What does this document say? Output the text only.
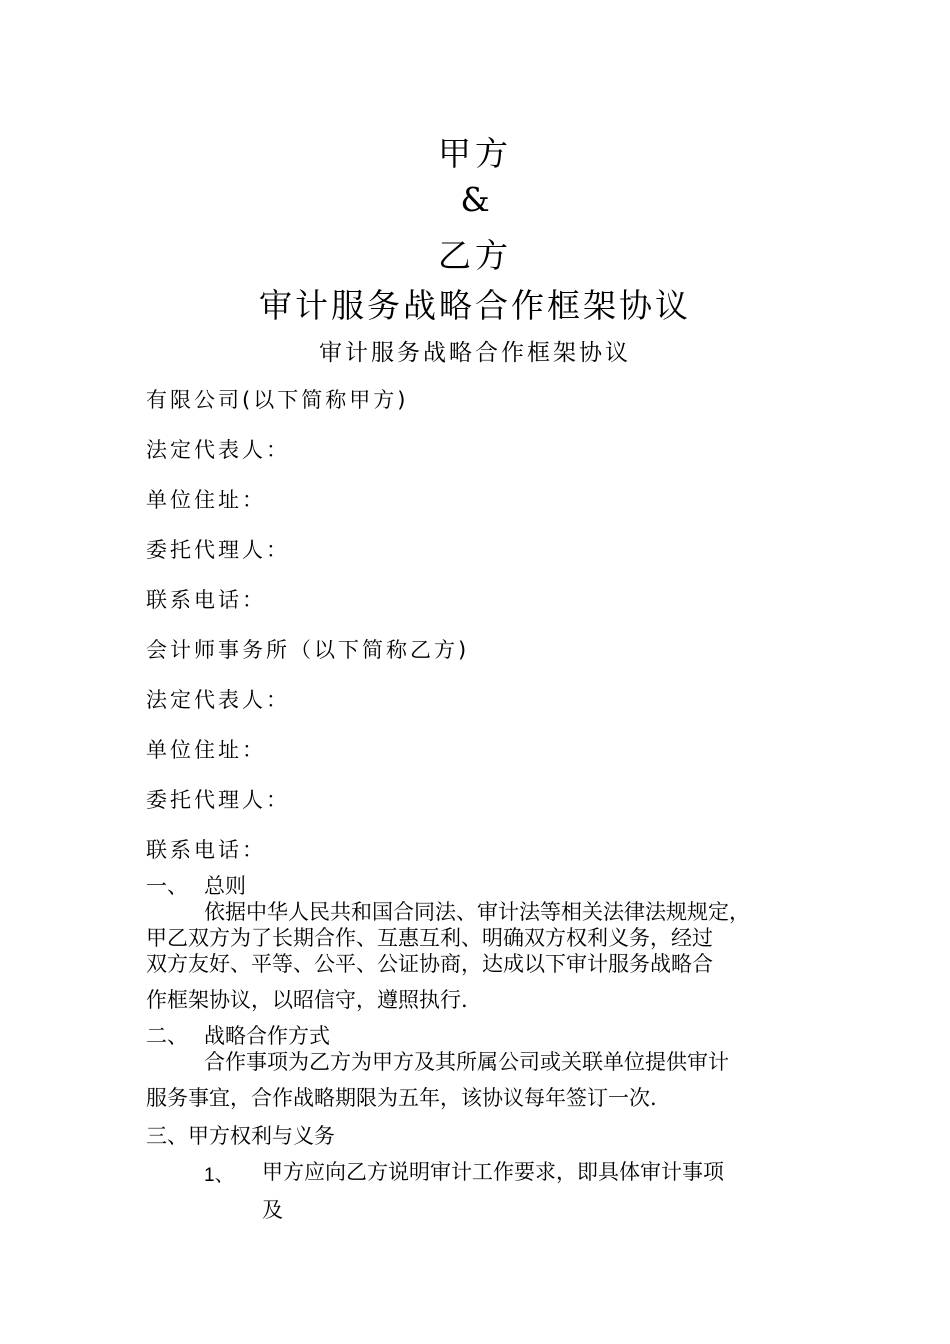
甲方
&
乙方
审计服务战略合作框架协议
审计服务战略合作框架协议
有限公司(以下简称甲方)
法定代表人：
单位住址：
委托代理人：
联系电话：
会计师事务所（以下简称乙方)
法定代表人：
单位住址：
委托代理人：
联系电话：
一、 总则
依据中华人民共和国合同法、审计法等相关法律法规规定，
甲乙双方为了长期合作、互惠互利、明确双方权利义务，经过
双方友好、平等、公平、公证协商，达成以下审计服务战略合
作框架协议，以昭信守，遵照执行.
二、 战略合作方式
合作事项为乙方为甲方及其所属公司或关联单位提供审计
服务事宜，合作战略期限为五年，该协议每年签订一次.
三、甲方权利与义务
1、 甲方应向乙方说明审计工作要求，即具体审计事项
及
